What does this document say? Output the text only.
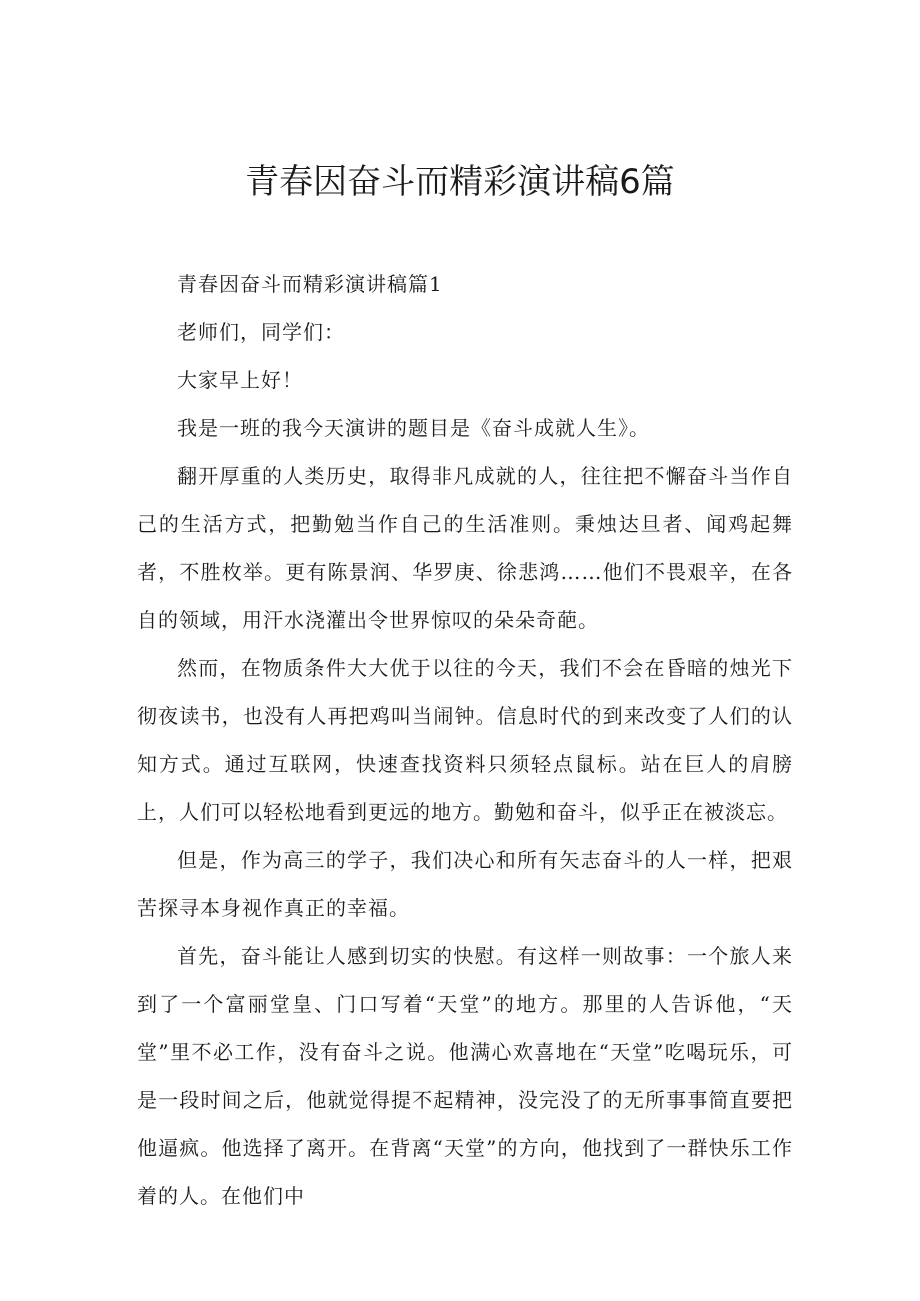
青春因奋斗而精彩演讲稿6篇

青春因奋斗而精彩演讲稿篇1

老师们，同学们：

大家早上好！

我是一班的我今天演讲的题目是《奋斗成就人生》。

翻开厚重的人类历史，取得非凡成就的人，往往把不懈奋斗当作自己的生活方式，把勤勉当作自己的生活准则。秉烛达旦者、闻鸡起舞者，不胜枚举。更有陈景润、华罗庚、徐悲鸿……他们不畏艰辛，在各自的领域，用汗水浇灌出令世界惊叹的朵朵奇葩。

然而，在物质条件大大优于以往的今天，我们不会在昏暗的烛光下彻夜读书，也没有人再把鸡叫当闹钟。信息时代的到来改变了人们的认知方式。通过互联网，快速查找资料只须轻点鼠标。站在巨人的肩膀上，人们可以轻松地看到更远的地方。勤勉和奋斗，似乎正在被淡忘。

但是，作为高三的学子，我们决心和所有矢志奋斗的人一样，把艰苦探寻本身视作真正的幸福。

首先，奋斗能让人感到切实的快慰。有这样一则故事：一个旅人来到了一个富丽堂皇、门口写着“天堂”的地方。那里的人告诉他，“天堂”里不必工作，没有奋斗之说。他满心欢喜地在“天堂”吃喝玩乐，可是一段时间之后，他就觉得提不起精神，没完没了的无所事事简直要把他逼疯。他选择了离开。在背离“天堂”的方向，他找到了一群快乐工作着的人。在他们中
